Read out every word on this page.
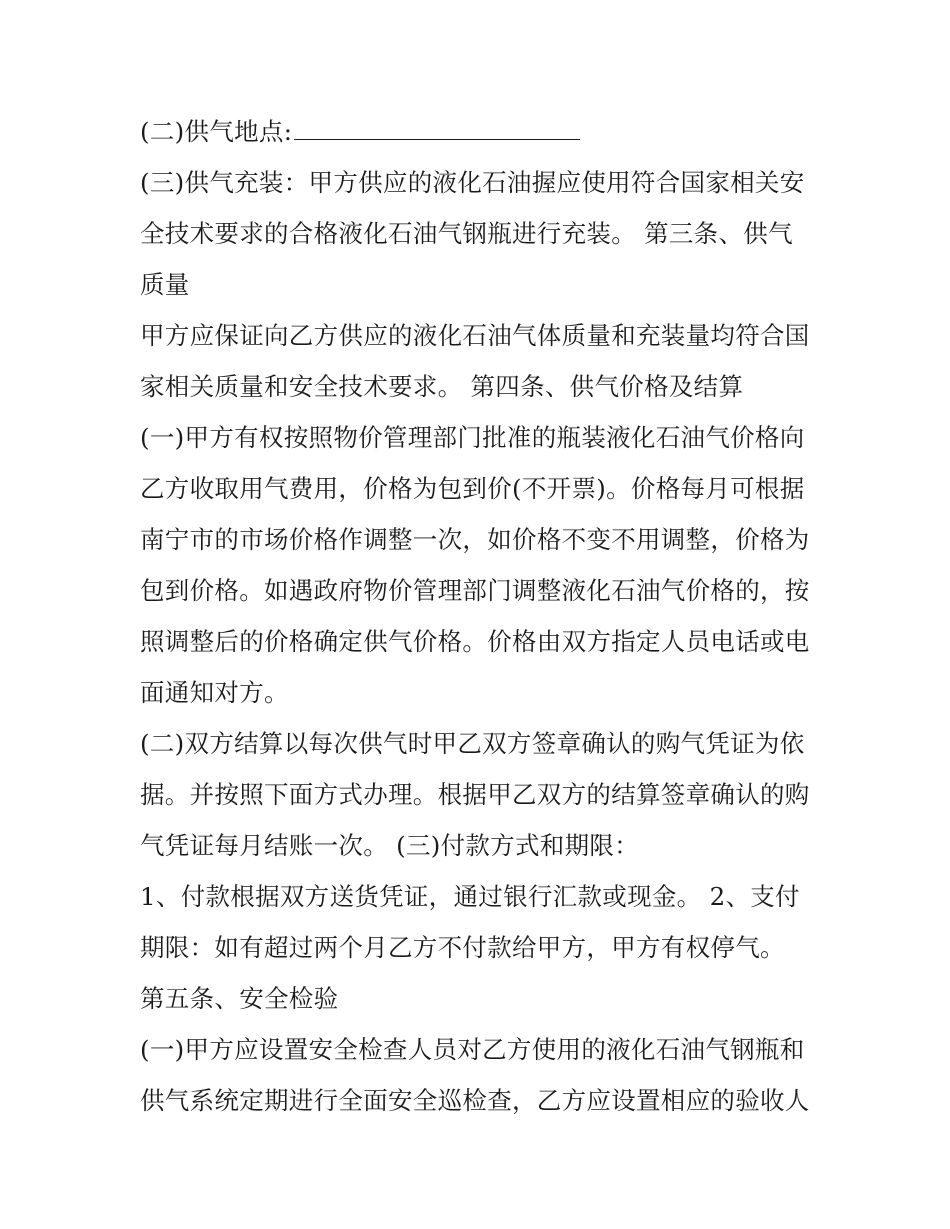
(二)供气地点:
(三)供气充装：甲方供应的液化石油握应使用符合国家相关安
全技术要求的合格液化石油气钢瓶进行充装。 第三条、供气
质量
甲方应保证向乙方供应的液化石油气体质量和充装量均符合国
家相关质量和安全技术要求。 第四条、供气价格及结算
(一)甲方有权按照物价管理部门批准的瓶装液化石油气价格向
乙方收取用气费用，价格为包到价(不开票)。价格每月可根据
南宁市的市场价格作调整一次，如价格不变不用调整，价格为
包到价格。如遇政府物价管理部门调整液化石油气价格的，按
照调整后的价格确定供气价格。价格由双方指定人员电话或电
面通知对方。
(二)双方结算以每次供气时甲乙双方签章确认的购气凭证为依
据。并按照下面方式办理。根据甲乙双方的结算签章确认的购
气凭证每月结账一次。 (三)付款方式和期限：
1、付款根据双方送货凭证，通过银行汇款或现金。 2、支付
期限：如有超过两个月乙方不付款给甲方，甲方有权停气。
第五条、安全检验
(一)甲方应设置安全检查人员对乙方使用的液化石油气钢瓶和
供气系统定期进行全面安全巡检查，乙方应设置相应的验收人
